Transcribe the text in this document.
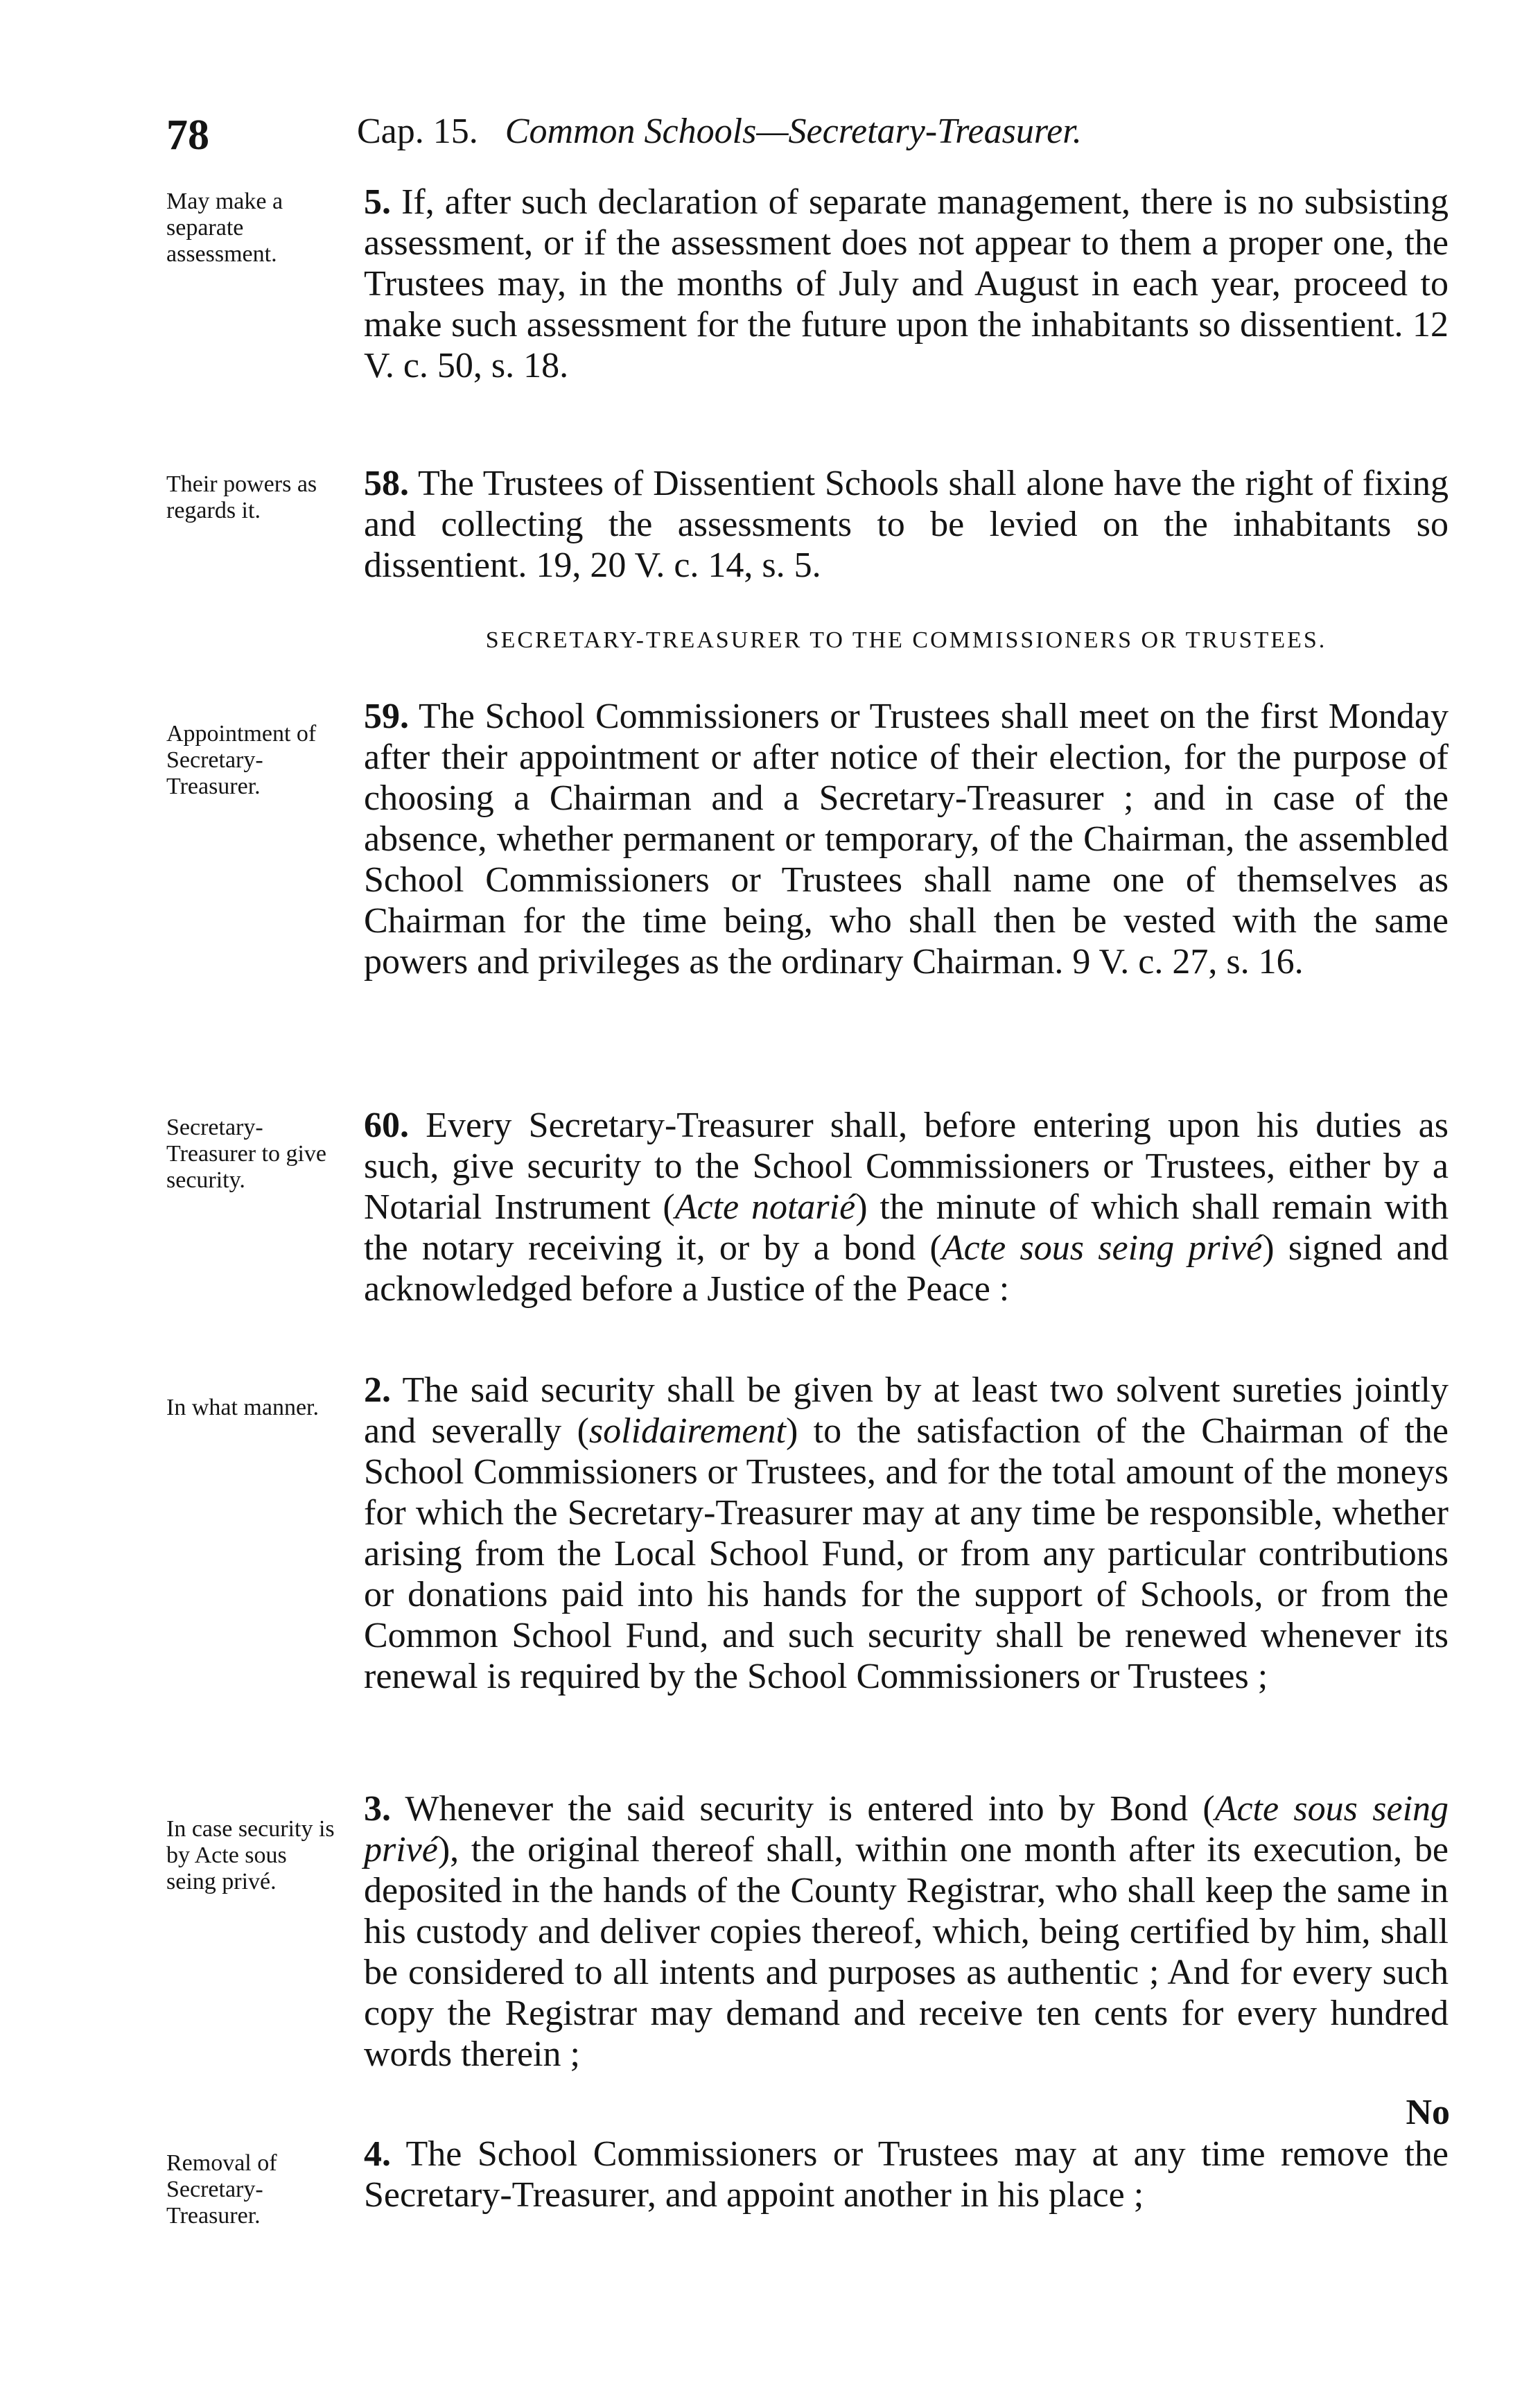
78	Cap. 15. Common Schools—Secretary-Treasurer.

May make a separate assessment.

5. If, after such declaration of separate management, there is no subsisting assessment, or if the assessment does not appear to them a proper one, the Trustees may, in the months of July and August in each year, proceed to make such assessment for the future upon the inhabitants so dissentient. 12 V. c. 50, s. 18.

Their powers as regards it.

58. The Trustees of Dissentient Schools shall alone have the right of fixing and collecting the assessments to be levied on the inhabitants so dissentient. 19, 20 V. c. 14, s. 5.

SECRETARY-TREASURER TO THE COMMISSIONERS OR TRUSTEES.

Appointment of Secretary-Treasurer.

59. The School Commissioners or Trustees shall meet on the first Monday after their appointment or after notice of their election, for the purpose of choosing a Chairman and a Secretary-Treasurer ; and in case of the absence, whether permanent or temporary, of the Chairman, the assembled School Commissioners or Trustees shall name one of themselves as Chairman for the time being, who shall then be vested with the same powers and privileges as the ordinary Chairman. 9 V. c. 27, s. 16.

Secretary-Treasurer to give security.

60. Every Secretary-Treasurer shall, before entering upon his duties as such, give security to the School Commissioners or Trustees, either by a Notarial Instrument (Acte notarié) the minute of which shall remain with the notary receiving it, or by a bond (Acte sous seing privé) signed and acknowledged before a Justice of the Peace :

In what manner.	2. The said security shall be given by at least two solvent sureties jointly and severally (solidairement) to the satisfaction of the Chairman of the School Commissioners or Trustees, and for the total amount of the moneys for which the Secretary-Treasurer may at any time be responsible, whether arising from the Local School Fund, or from any particular contributions or donations paid into his hands for the support of Schools, or from the Common School Fund, and such security shall be renewed whenever its renewal is required by the School Commissioners or Trustees ;

In case security is by Acte sous seing privé.

3. Whenever the said security is entered into by Bond (Acte sous seing privé), the original thereof shall, within one month after its execution, be deposited in the hands of the County Registrar, who shall keep the same in his custody and deliver copies thereof, which, being certified by him, shall be considered to all intents and purposes as authentic ; And for every such copy the Registrar may demand and receive ten cents for every hundred words therein ;

Removal of Secretary-Treasurer.

4. The School Commissioners or Trustees may at any time remove the Secretary-Treasurer, and appoint another in his place ;

No
